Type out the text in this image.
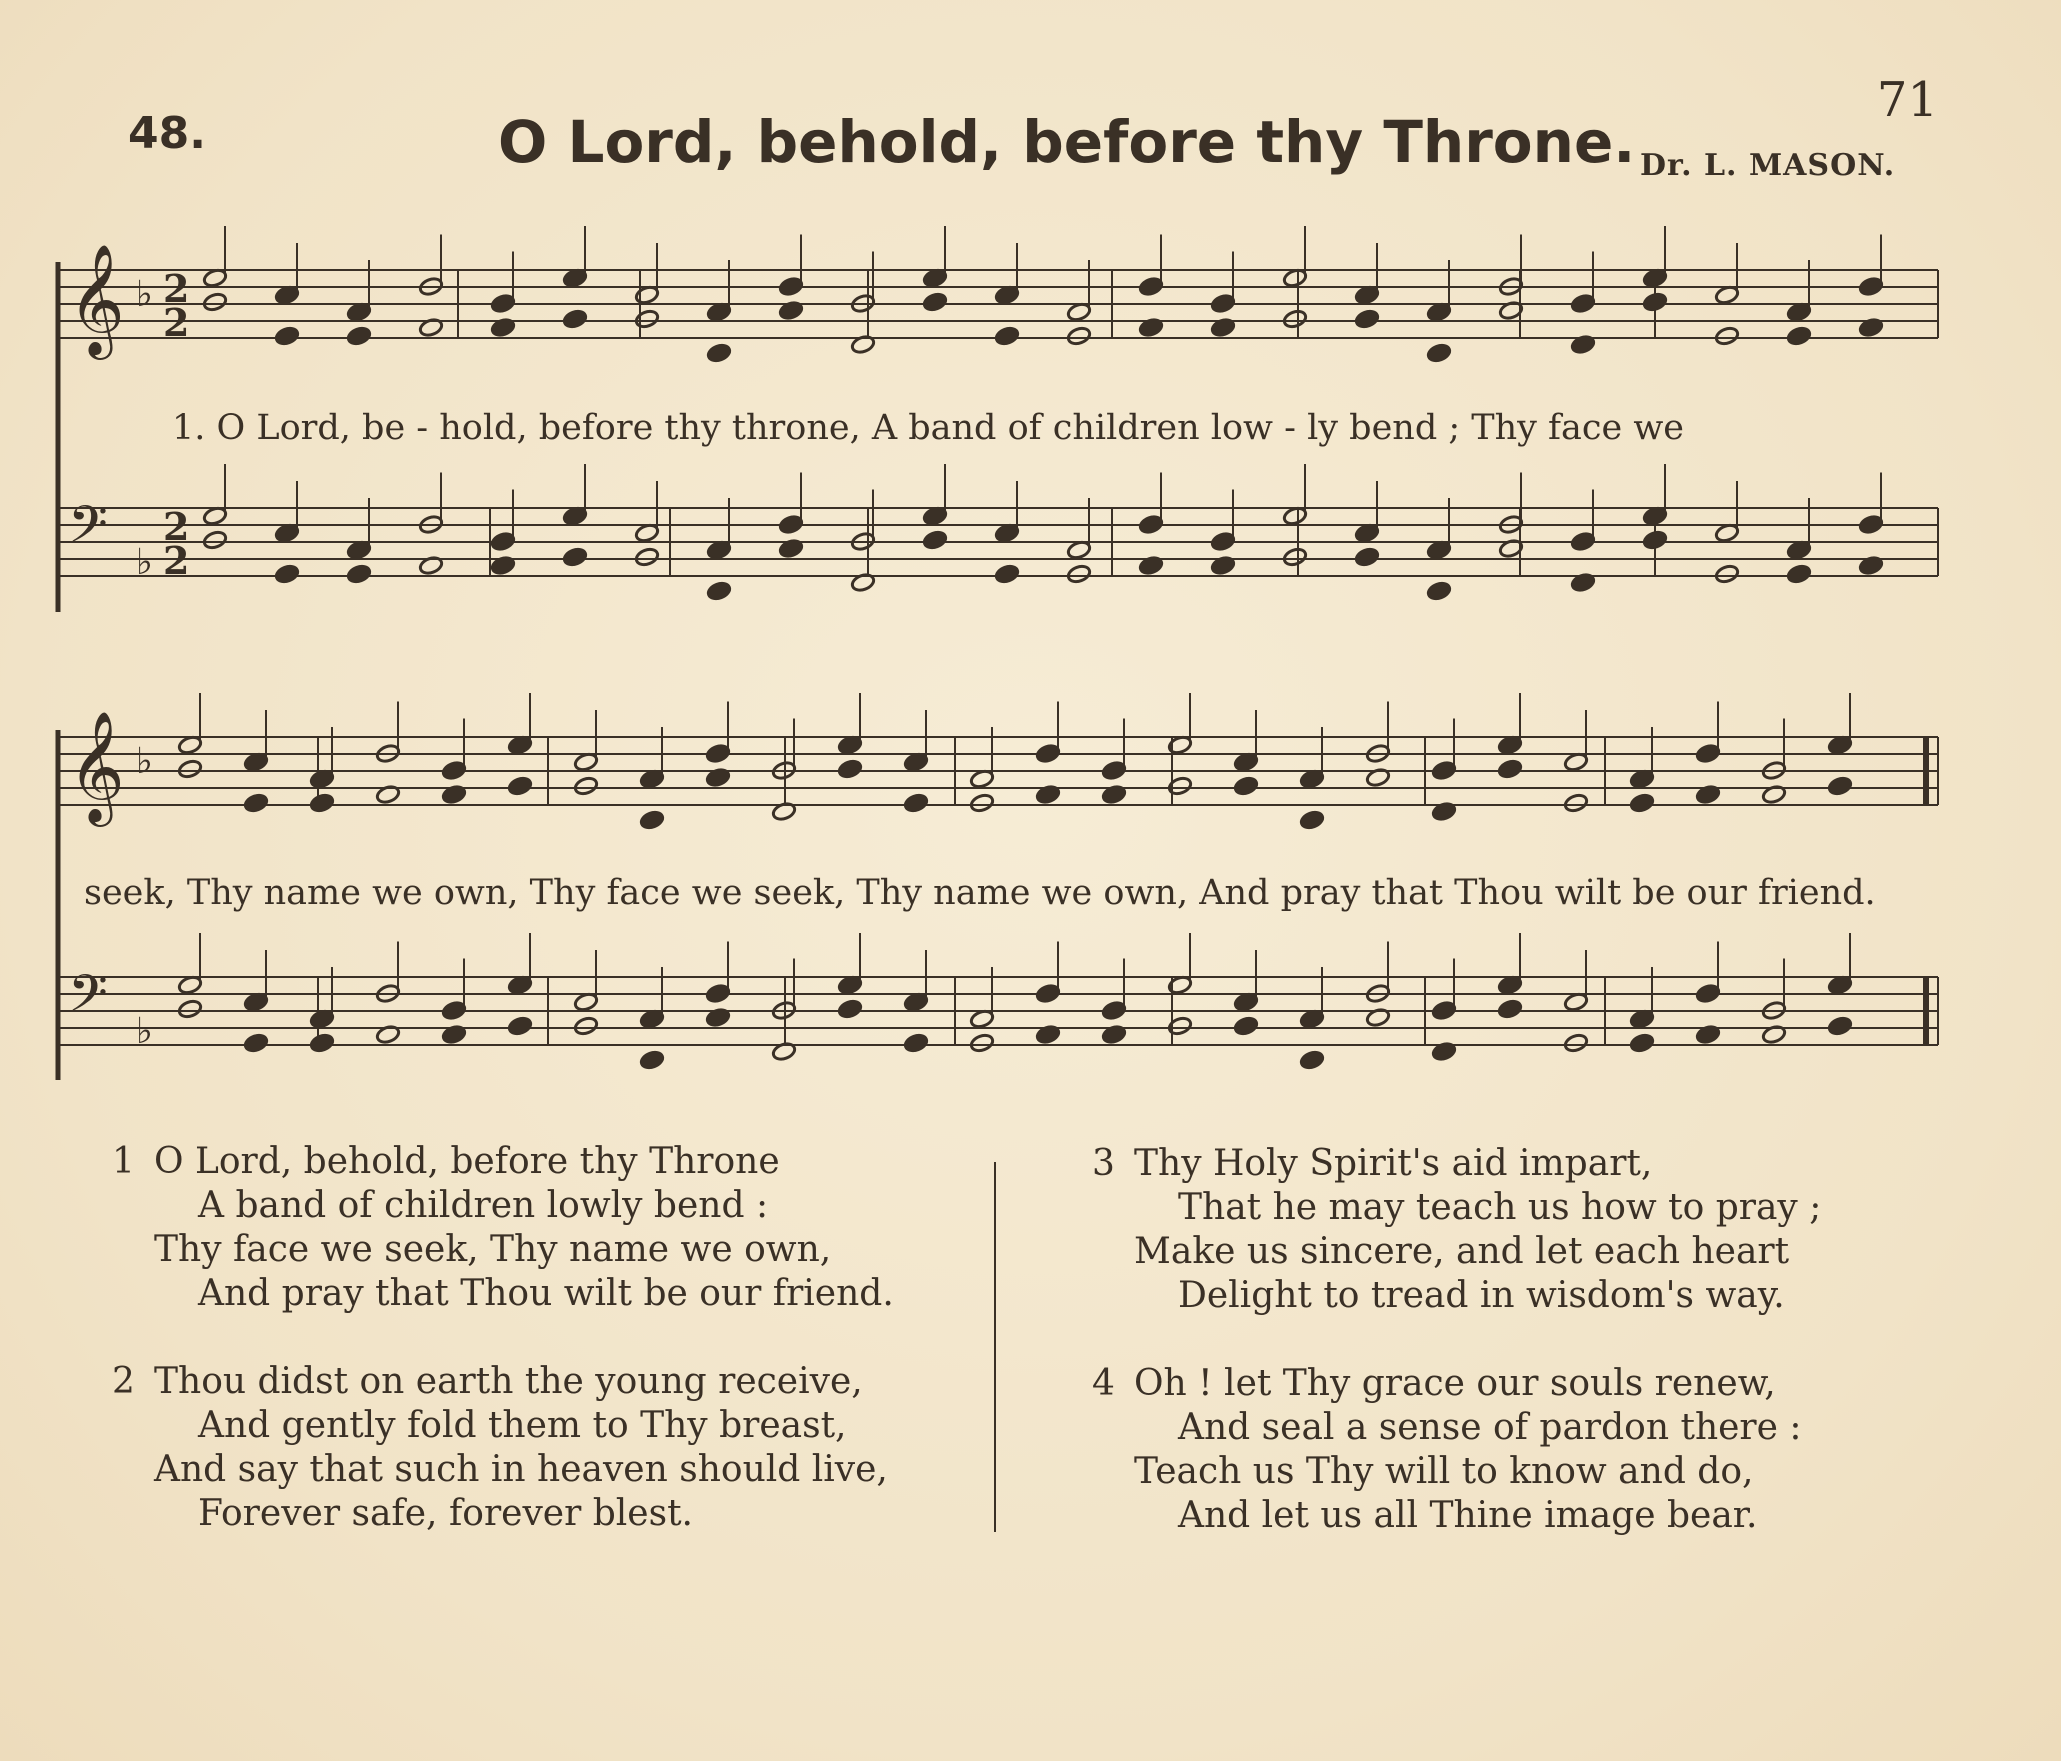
48.	O Lord, behold, before thy Throne.
71
Dr. L. MASON.
𝄞 ♭ 2
2
𝄢 ♭
2
2
𝄞 ♭
𝄢 ♭
1. O Lord, be - hold, before thy throne, A band of children low - ly bend ; Thy face we
seek, Thy name we own, Thy face we seek, Thy name we own, And pray that Thou wilt be our friend.
1 O Lord, behold, before thy Throne
A band of children lowly bend :
Thy face we seek, Thy name we own,
And pray that Thou wilt be our friend.
2 Thou didst on earth the young receive,
And gently fold them to Thy breast,
And say that such in heaven should live,
Forever safe, forever blest.
3 Thy Holy Spirit's aid impart,
That he may teach us how to pray ;
Make us sincere, and let each heart
Delight to tread in wisdom's way.
4 Oh ! let Thy grace our souls renew,
And seal a sense of pardon there :
Teach us Thy will to know and do,
And let us all Thine image bear.
